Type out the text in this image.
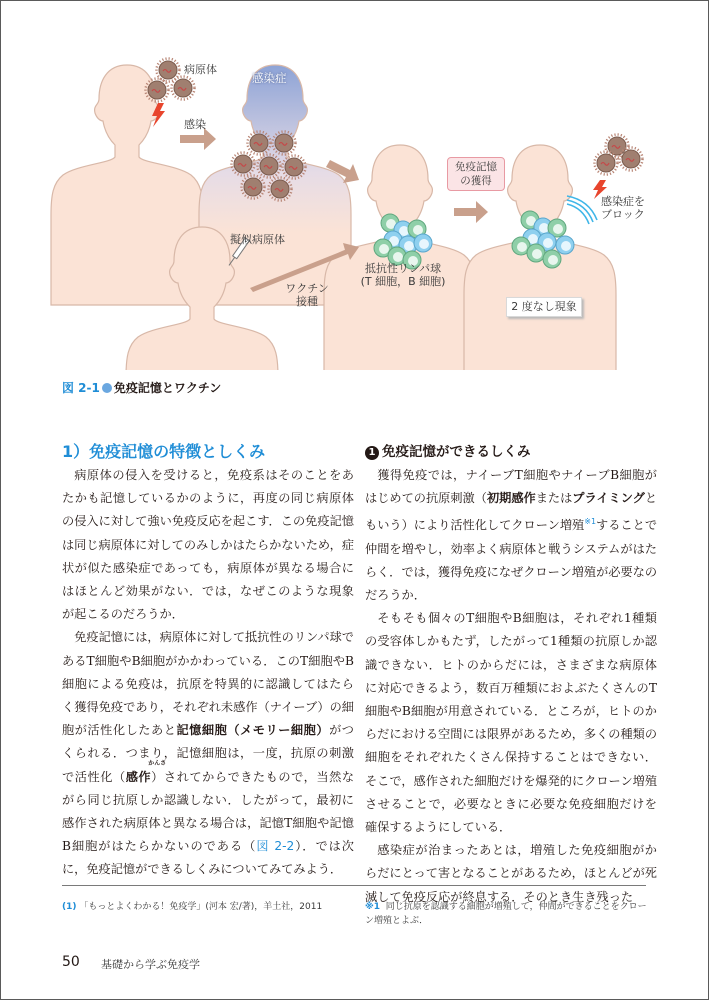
病原体
感染
感染症
擬似病原体
ワクチン
接種
抵抗性リンパ球
(T 細胞，B 細胞)
免疫記憶
の獲得
感染症を
ブロック
2 度なし現象
図 2-1 免疫記憶とワクチン
1）免疫記憶の特徴としくみ

病原体の侵入を受けると，免疫系はそのことをあたかも記憶しているかのように，再度の同じ病原体の侵入に対して強い免疫反応を起こす．この免疫記憶は同じ病原体に対してのみしかはたらかないため，症状が似た感染症であっても，病原体が異なる場合にはほとんど効果がない．では，なぜこのような現象が起こるのだろうか．

免疫記憶には，病原体に対して抵抗性のリンパ球であるT細胞やB細胞がかかわっている．このT細胞やB細胞による免疫は，抗原を特異的に認識してはたらく獲得免疫であり，それぞれ未感作（ナイーブ）の細胞が活性化したあと記憶細胞（メモリー細胞）がつくられる．つまり，記憶細胞は，一度，抗原の刺激で活性化（
かんさ
感作）されてからできたもので，当然ながら同じ抗原しか認識しない．したがって，最初に感作された病原体と異なる場合は，記憶T細胞や記憶B細胞がはたらかないのである（図 2-2）．では次に，免疫記憶ができるしくみについてみてみよう．

1 免疫記憶ができるしくみ

獲得免疫では，ナイーブT細胞やナイーブB細胞がはじめての抗原刺激（初期感作またはプライミングともいう）により活性化してクローン増殖$^{※1}$することで仲間を増やし，効率よく病原体と戦うシステムがはたらく．では，獲得免疫になぜクローン増殖が必要なのだろうか．

そもそも個々のT細胞やB細胞は，それぞれ1種類の受容体しかもたず，したがって1種類の抗原しか認識できない．ヒトのからだには，さまざまな病原体に対応できるよう，数百万種類におよぶたくさんのT細胞やB細胞が用意されている．ところが，ヒトのからだにおける空間には限界があるため，多くの種類の細胞をそれぞれたくさん保持することはできない．そこで，感作された細胞だけを爆発的にクローン増殖させることで，必要なときに必要な免疫細胞だけを確保するようにしている．

感染症が治まったあとは，増殖した免疫細胞がからだにとって害となることがあるため，ほとんどが死滅して免疫反応が終息する．そのとき生き残った

(1) 「もっとよくわかる！免疫学」(河本 宏/著)，羊土社，2011	※1 同じ抗原を認識する細胞が増殖して，仲間ができることをクローン増殖とよぶ．
50 基礎から学ぶ免疫学
